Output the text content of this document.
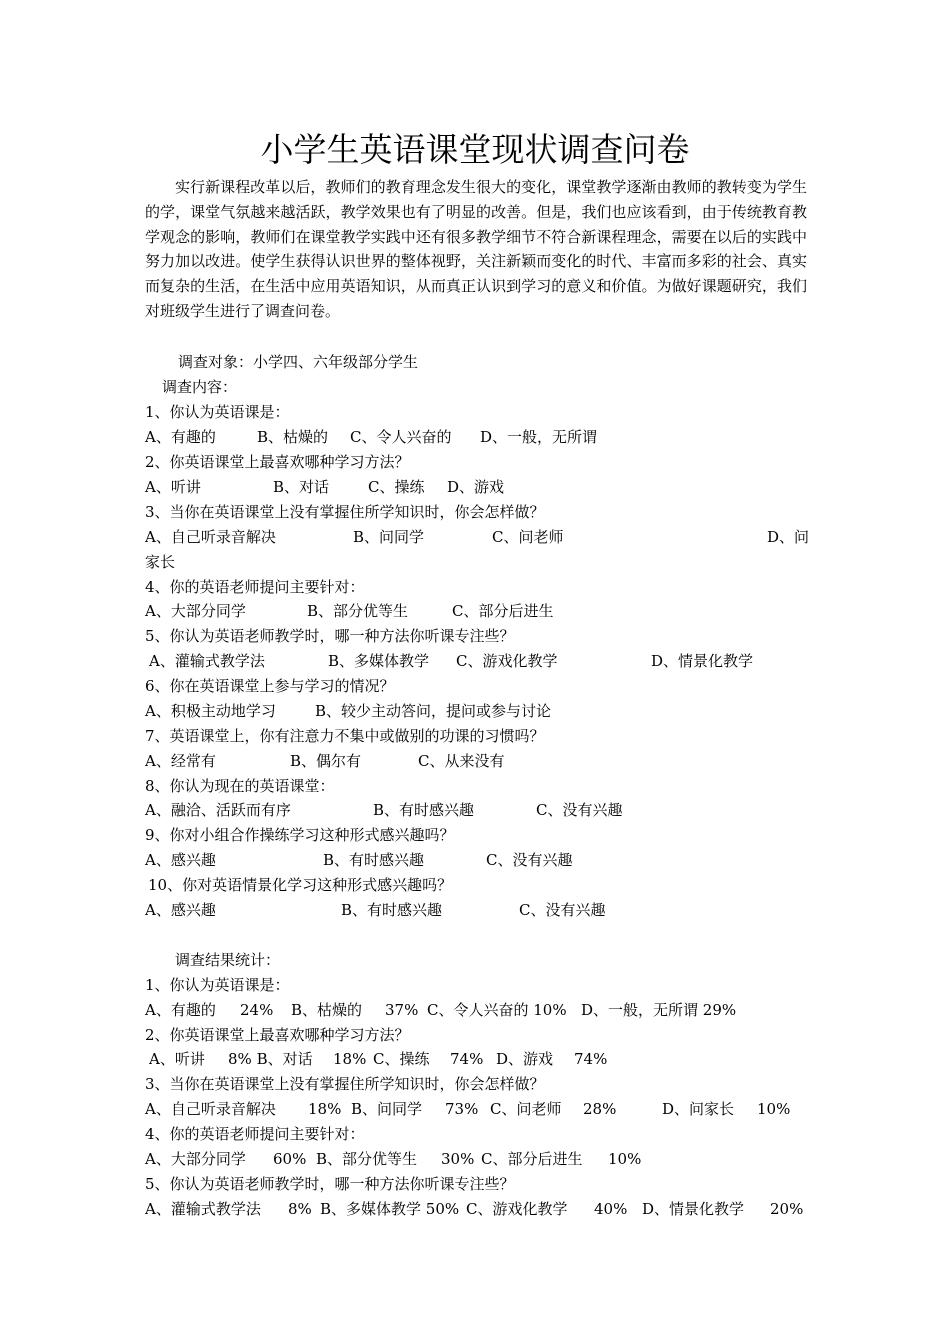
小学生英语课堂现状调查问卷

实行新课程改革以后，教师们的教育理念发生很大的变化，课堂教学逐渐由教师的教转变为学生的学，课堂气氛越来越活跃，教学效果也有了明显的改善。但是，我们也应该看到，由于传统教育教学观念的影响，教师们在课堂教学实践中还有很多教学细节不符合新课程理念，需要在以后的实践中努力加以改进。使学生获得认识世界的整体视野，关注新颖而变化的时代、丰富而多彩的社会、真实而复杂的生活，在生活中应用英语知识，从而真正认识到学习的意义和价值。为做好课题研究，我们对班级学生进行了调查问卷。

调查对象：小学四、六年级部分学生
调查内容：
1、你认为英语课是：
A、有趣的	B、枯燥的 C、令人兴奋的 D、一般，无所谓
2、你英语课堂上最喜欢哪种学习方法？
A、听讲	B、对话	C、操练 D、游戏
3、当你在英语课堂上没有掌握住所学知识时，你会怎样做？
A、自己听录音解决	B、问同学	C、问老师	D、问
家长
4、你的英语老师提问主要针对：
A、大部分同学	B、部分优等生	C、部分后进生
5、你认为英语老师教学时，哪一种方法你听课专注些？
A、灌输式教学法	B、多媒体教学 C、游戏化教学	D、情景化教学
6、你在英语课堂上参与学习的情况？
A、积极主动地学习	B、较少主动答问，提问或参与讨论
7、英语课堂上，你有注意力不集中或做别的功课的习惯吗？
A、经常有	B、偶尔有	C、从来没有
8、你认为现在的英语课堂：
A、融洽、活跃而有序	B、有时感兴趣	C、没有兴趣
9、你对小组合作操练学习这种形式感兴趣吗？
A、感兴趣	B、有时感兴趣	C、没有兴趣
10、你对英语情景化学习这种形式感兴趣吗？
A、感兴趣	B、有时感兴趣	C、没有兴趣
调查结果统计：
1、你认为英语课是：
A、有趣的 24% B、枯燥的 37% C、令人兴奋的 10% D、一般，无所谓 29%
2、你英语课堂上最喜欢哪种学习方法？
A、听讲 8% B、对话 18% C、操练 74% D、游戏 74%
3、当你在英语课堂上没有掌握住所学知识时，你会怎样做？
A、自己听录音解决 18% B、问同学 73% C、问老师 28%	D、问家长 10%
4、你的英语老师提问主要针对：
A、大部分同学 60% B、部分优等生 30% C、部分后进生 10%
5、你认为英语老师教学时，哪一种方法你听课专注些？
A、灌输式教学法 8% B、多媒体教学 50% C、游戏化教学 40% D、情景化教学 20%
